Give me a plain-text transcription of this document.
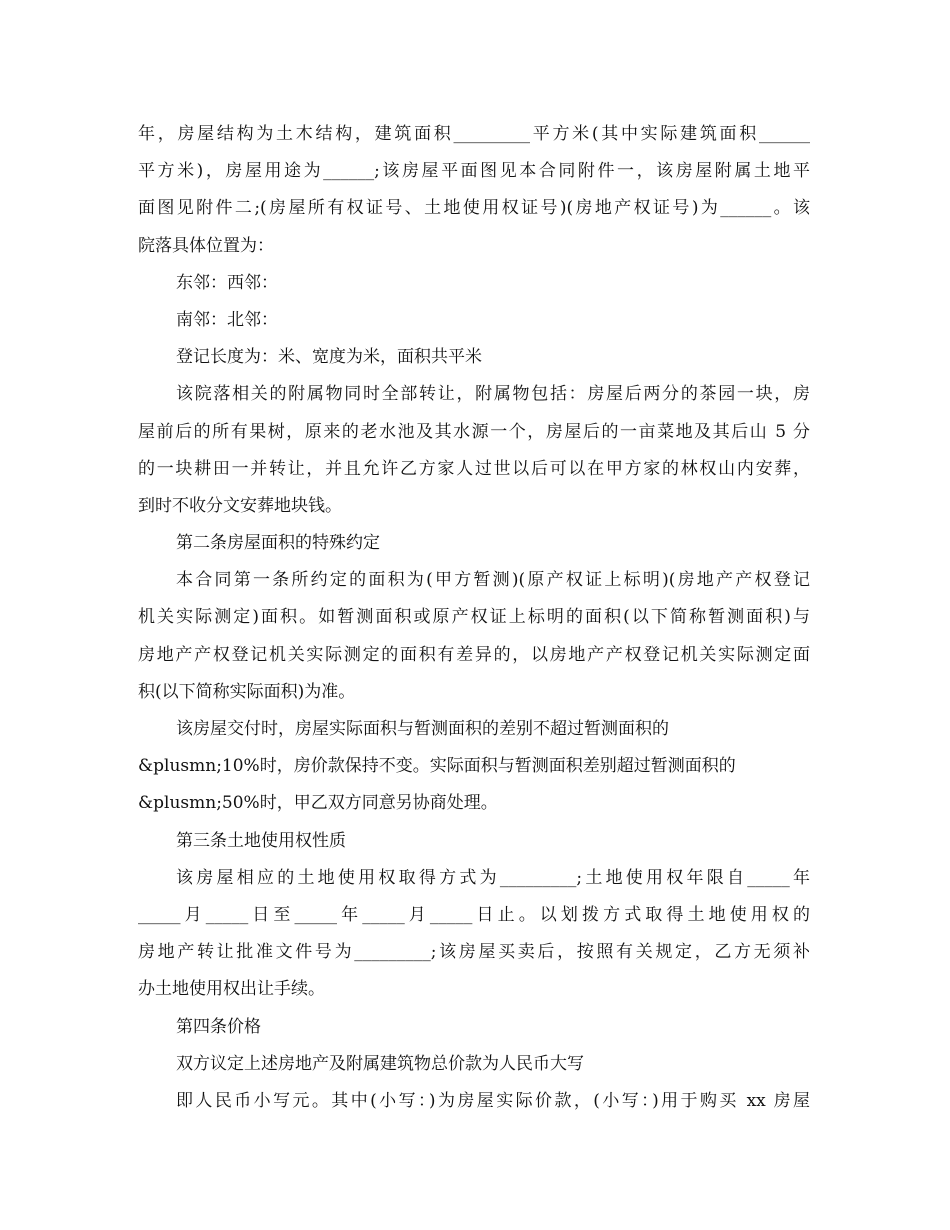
年，房屋结构为土木结构，建筑面积_________平方米(其中实际建筑面积______
平方米)，房屋用途为______;该房屋平面图见本合同附件一，该房屋附属土地平
面图见附件二;(房屋所有权证号、土地使用权证号)(房地产权证号)为______。该
院落具体位置为：
东邻：西邻：
南邻：北邻：
登记长度为：米、宽度为米，面积共平米
该院落相关的附属物同时全部转让，附属物包括：房屋后两分的茶园一块，房
屋前后的所有果树，原来的老水池及其水源一个，房屋后的一亩菜地及其后山 5 分
的一块耕田一并转让，并且允许乙方家人过世以后可以在甲方家的林权山内安葬，
到时不收分文安葬地块钱。
第二条房屋面积的特殊约定
本合同第一条所约定的面积为(甲方暂测)(原产权证上标明)(房地产产权登记
机关实际测定)面积。如暂测面积或原产权证上标明的面积(以下简称暂测面积)与
房地产产权登记机关实际测定的面积有差异的，以房地产产权登记机关实际测定面
积(以下简称实际面积)为准。
该房屋交付时，房屋实际面积与暂测面积的差别不超过暂测面积的
&plusmn;10%时，房价款保持不变。实际面积与暂测面积差别超过暂测面积的
&plusmn;50%时，甲乙双方同意另协商处理。
第三条土地使用权性质
该房屋相应的土地使用权取得方式为_________;土地使用权年限自_____年
_____月_____日至_____年_____月_____日止。以划拨方式取得土地使用权的
房地产转让批准文件号为_________;该房屋买卖后，按照有关规定，乙方无须补
办土地使用权出让手续。
第四条价格
双方议定上述房地产及附属建筑物总价款为人民币大写
即人民币小写元。其中(小写：)为房屋实际价款，(小写：)用于购买 xx 房屋
